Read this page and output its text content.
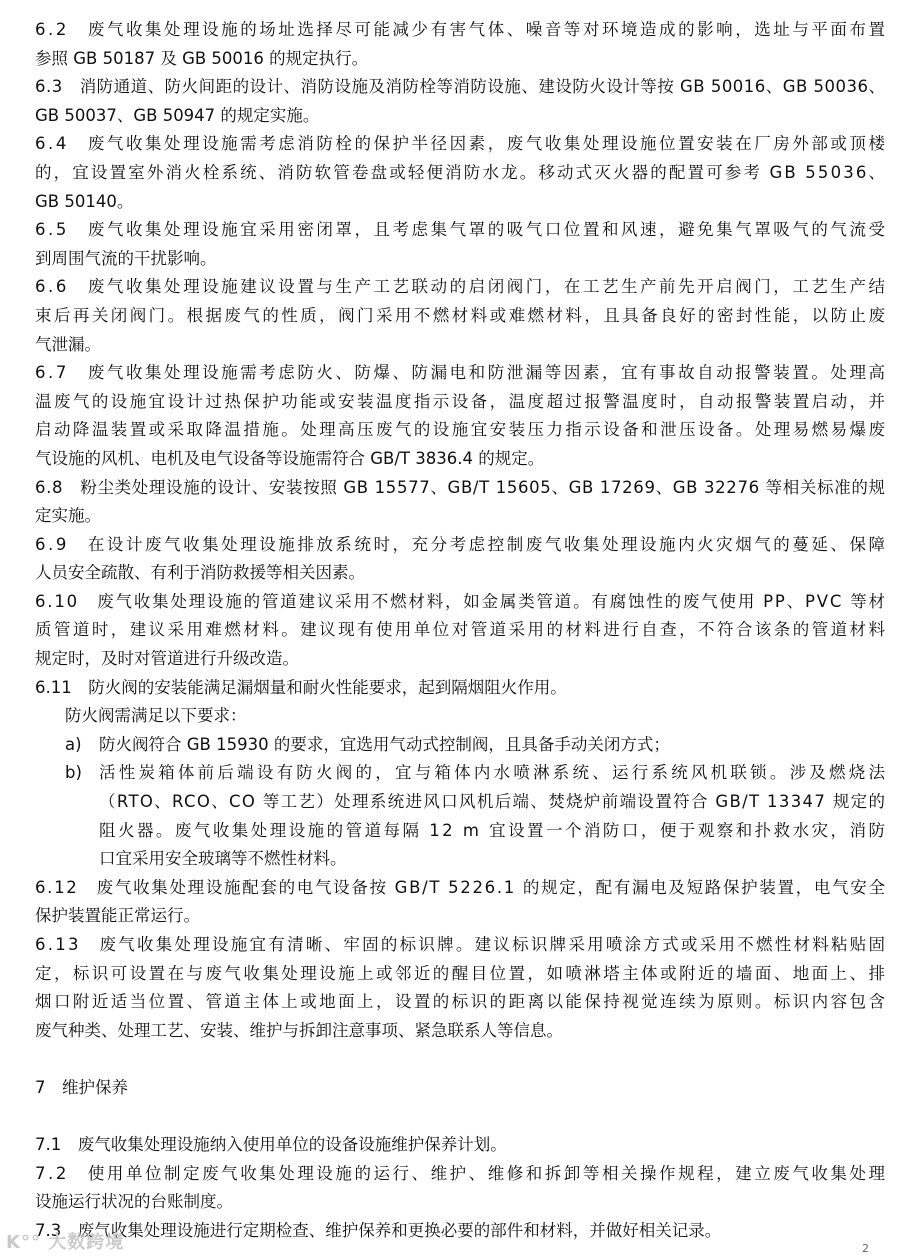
6.2　废气收集处理设施的场址选择尽可能减少有害气体、噪音等对环境造成的影响，选址与平面布置
参照 GB 50187 及 GB 50016 的规定执行。
6.3　消防通道、防火间距的设计、消防设施及消防栓等消防设施、建设防火设计等按 GB 50016、GB 50036、
GB 50037、GB 50947 的规定实施。
6.4　废气收集处理设施需考虑消防栓的保护半径因素，废气收集处理设施位置安装在厂房外部或顶楼
的，宜设置室外消火栓系统、消防软管卷盘或轻便消防水龙。移动式灭火器的配置可参考 GB 55036、
GB 50140。
6.5　废气收集处理设施宜采用密闭罩，且考虑集气罩的吸气口位置和风速，避免集气罩吸气的气流受
到周围气流的干扰影响。
6.6　废气收集处理设施建议设置与生产工艺联动的启闭阀门，在工艺生产前先开启阀门，工艺生产结
束后再关闭阀门。根据废气的性质，阀门采用不燃材料或难燃材料，且具备良好的密封性能，以防止废
气泄漏。
6.7　废气收集处理设施需考虑防火、防爆、防漏电和防泄漏等因素，宜有事故自动报警装置。处理高
温废气的设施宜设计过热保护功能或安装温度指示设备，温度超过报警温度时，自动报警装置启动，并
启动降温装置或采取降温措施。处理高压废气的设施宜安装压力指示设备和泄压设备。处理易燃易爆废
气设施的风机、电机及电气设备等设施需符合 GB/T 3836.4 的规定。
6.8　粉尘类处理设施的设计、安装按照 GB 15577、GB/T 15605、GB 17269、GB 32276 等相关标准的规
定实施。
6.9　在设计废气收集处理设施排放系统时，充分考虑控制废气收集处理设施内火灾烟气的蔓延、保障
人员安全疏散、有利于消防救援等相关因素。
6.10　废气收集处理设施的管道建议采用不燃材料，如金属类管道。有腐蚀性的废气使用 PP、PVC 等材
质管道时，建议采用难燃材料。建议现有使用单位对管道采用的材料进行自查，不符合该条的管道材料
规定时，及时对管道进行升级改造。
6.11　防火阀的安装能满足漏烟量和耐火性能要求，起到隔烟阻火作用。
防火阀需满足以下要求：
防火阀符合 GB 15930 的要求，宜选用气动式控制阀，且具备手动关闭方式；
a)
活性炭箱体前后端设有防火阀的，宜与箱体内水喷淋系统、运行系统风机联锁。涉及燃烧法
b)
（RTO、RCO、CO 等工艺）处理系统进风口风机后端、焚烧炉前端设置符合 GB/T 13347 规定的
阻火器。废气收集处理设施的管道每隔 12 m 宜设置一个消防口，便于观察和扑救水灾，消防
口宜采用安全玻璃等不燃性材料。
6.12　废气收集处理设施配套的电气设备按 GB/T 5226.1 的规定，配有漏电及短路保护装置，电气安全
保护装置能正常运行。
6.13　废气收集处理设施宜有清晰、牢固的标识牌。建议标识牌采用喷涂方式或采用不燃性材料粘贴固
定，标识可设置在与废气收集处理设施上或邻近的醒目位置，如喷淋塔主体或附近的墙面、地面上、排
烟口附近适当位置、管道主体上或地面上，设置的标识的距离以能保持视觉连续为原则。标识内容包含
废气种类、处理工艺、安装、维护与拆卸注意事项、紧急联系人等信息。
7　维护保养
7.1　废气收集处理设施纳入使用单位的设备设施维护保养计划。
7.2　使用单位制定废气收集处理设施的运行、维护、维修和拆卸等相关操作规程，建立废气收集处理
设施运行状况的台账制度。
7.3　废气收集处理设施进行定期检查、维护保养和更换必要的部件和材料，并做好相关记录。
K°° 大数跨境	2
